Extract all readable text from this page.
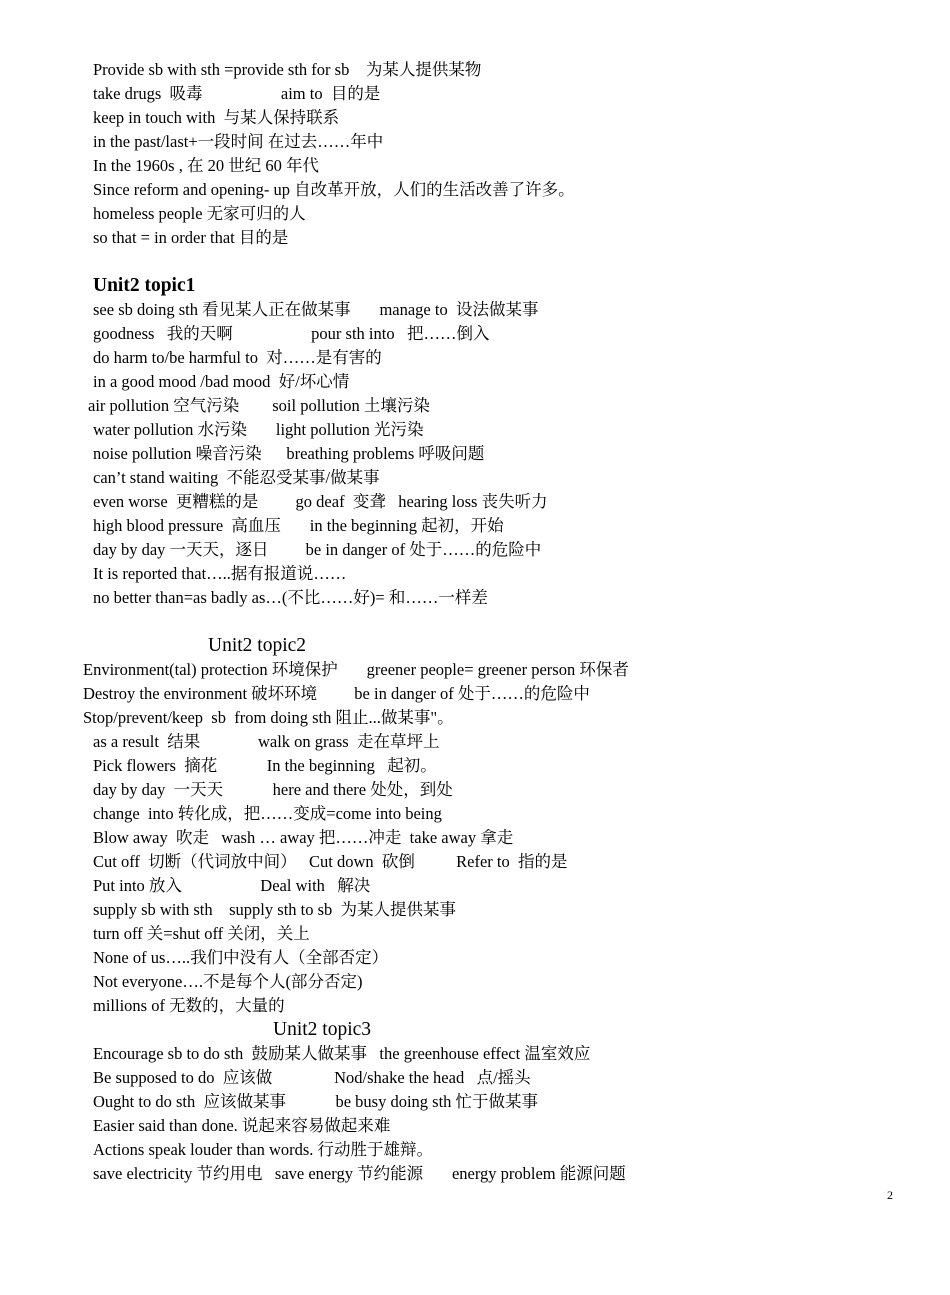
Provide sb with sth =provide sth for sb    为某人提供某物
take drugs  吸毒                   aim to  目的是
keep in touch with  与某人保持联系
in the past/last+一段时间 在过去……年中
In the 1960s , 在 20 世纪 60 年代
Since reform and opening- up 自改革开放，人们的生活改善了许多。
homeless people 无家可归的人
so that = in order that 目的是
Unit2 topic1
see sb doing sth 看见某人正在做某事       manage to  设法做某事
goodness   我的天啊                   pour sth into   把……倒入
do harm to/be harmful to  对……是有害的
in a good mood /bad mood  好/坏心情
air pollution 空气污染        soil pollution 土壤污染
water pollution 水污染       light pollution 光污染
noise pollution 噪音污染      breathing problems 呼吸问题
can’t stand waiting  不能忍受某事/做某事
even worse  更糟糕的是         go deaf  变聋   hearing loss 丧失听力
high blood pressure  高血压       in the beginning 起初，开始
day by day 一天天，逐日         be in danger of 处于……的危险中
It is reported that…..据有报道说……
no better than=as badly as…(不比……好)= 和……一样差
Unit2 topic2
Environment(tal) protection 环境保护       greener people= greener person 环保者
Destroy the environment 破坏环境         be in danger of 处于……的危险中
Stop/prevent/keep  sb  from doing sth 阻止...做某事"。
as a result  结果              walk on grass  走在草坪上
Pick flowers  摘花            In the beginning   起初。
day by day  一天天            here and there 处处，到处
change  into 转化成，把……变成=come into being
Blow away  吹走   wash … away 把……冲走  take away 拿走
Cut off  切断（代词放中间）   Cut down  砍倒          Refer to  指的是
Put into 放入                   Deal with   解决
supply sb with sth    supply sth to sb  为某人提供某事
turn off 关=shut off 关闭，关上
None of us…..我们中没有人（全部否定）
Not everyone….不是每个人(部分否定)
millions of 无数的，大量的
Unit2 topic3
Encourage sb to do sth  鼓励某人做某事   the greenhouse effect 温室效应
Be supposed to do  应该做               Nod/shake the head   点/摇头
Ought to do sth  应该做某事            be busy doing sth 忙于做某事
Easier said than done. 说起来容易做起来难
Actions speak louder than words. 行动胜于雄辩。
save electricity 节约用电   save energy 节约能源       energy problem 能源问题
2
